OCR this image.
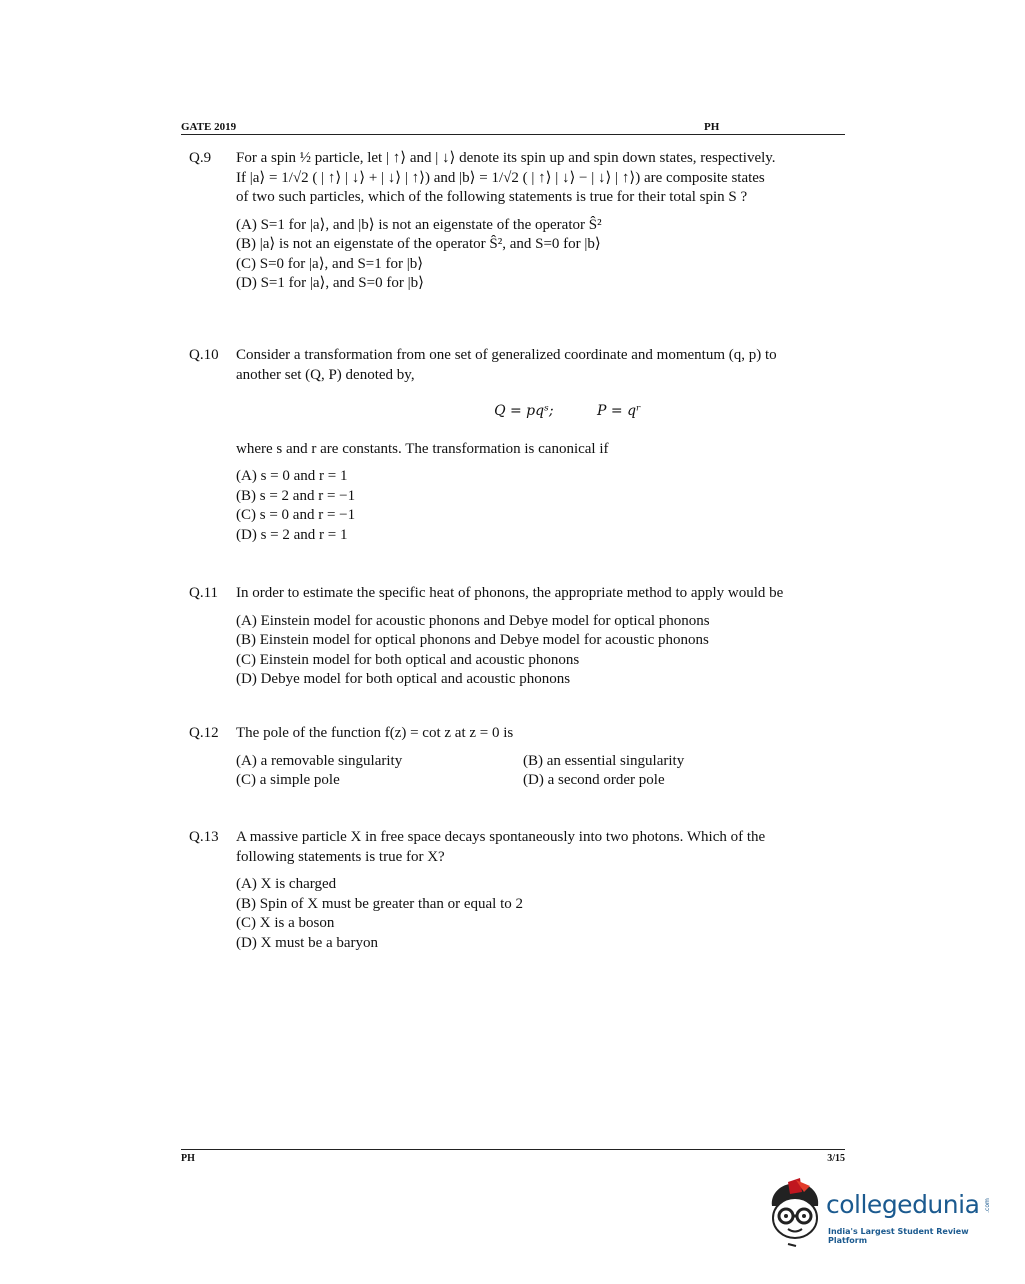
GATE 2019	PH
Q.9 For a spin ½ particle, let | ↑⟩ and | ↓⟩ denote its spin up and spin down states, respectively.
If |a⟩ = 1/√2 ( | ↑⟩ | ↓⟩ + | ↓⟩ | ↑⟩) and |b⟩ = 1/√2 ( | ↑⟩ | ↓⟩ − | ↓⟩ | ↑⟩) are composite states
of two such particles, which of the following statements is true for their total spin S ?
(A) S=1 for |a⟩, and |b⟩ is not an eigenstate of the operator Ŝ²
(B) |a⟩ is not an eigenstate of the operator Ŝ², and S=0 for |b⟩
(C) S=0 for |a⟩, and S=1 for |b⟩
(D) S=1 for |a⟩, and S=0 for |b⟩
Q.10 Consider a transformation from one set of generalized coordinate and momentum (q, p) to
another set (Q, P) denoted by,
Q = pqˢ;	P = qʳ
where s and r are constants. The transformation is canonical if
(A) s = 0 and r = 1
(B) s = 2 and r = −1
(C) s = 0 and r = −1
(D) s = 2 and r = 1
Q.11 In order to estimate the specific heat of phonons, the appropriate method to apply would be
(A) Einstein model for acoustic phonons and Debye model for optical phonons
(B) Einstein model for optical phonons and Debye model for acoustic phonons
(C) Einstein model for both optical and acoustic phonons
(D) Debye model for both optical and acoustic phonons
Q.12 The pole of the function f(z) = cot z at z = 0 is
(A) a removable singularity	(B) an essential singularity
(C) a simple pole	(D) a second order pole
Q.13 A massive particle X in free space decays spontaneously into two photons. Which of the
following statements is true for X?
(A) X is charged
(B) Spin of X must be greater than or equal to 2
(C) X is a boson
(D) X must be a baryon
PH	3/15
collegedunia .com
India's Largest Student Review Platform
